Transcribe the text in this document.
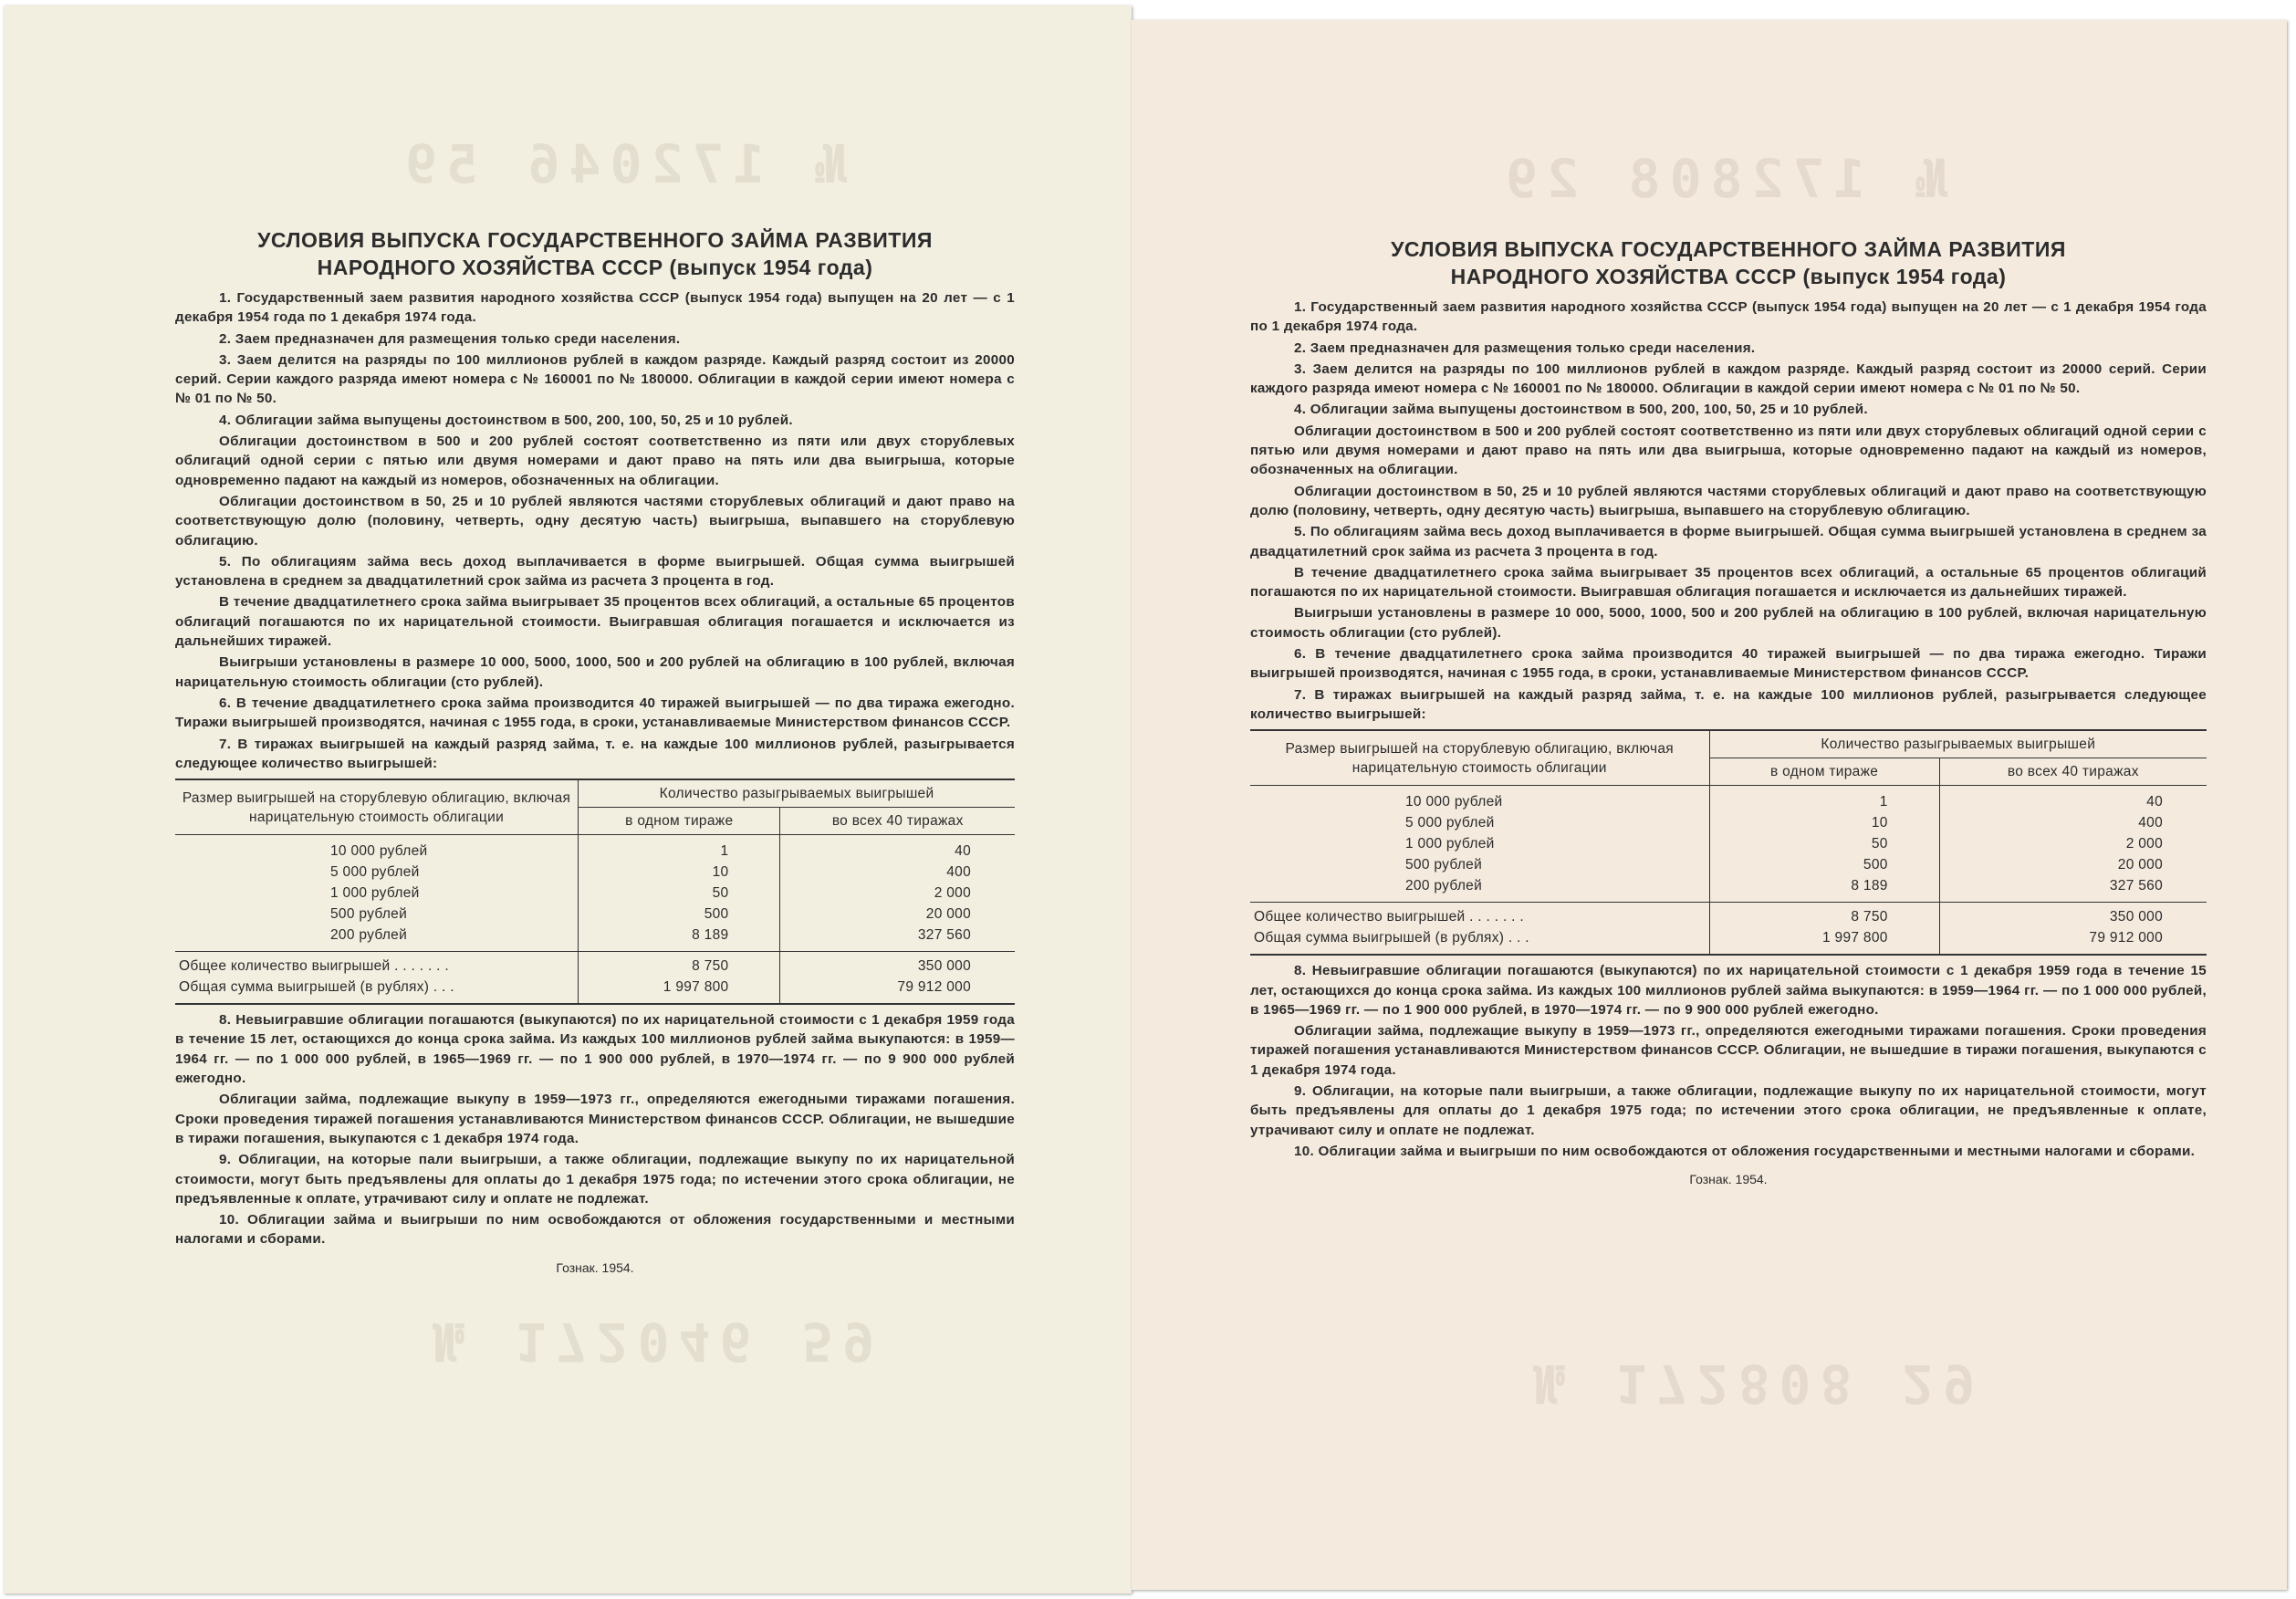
№ 172046 59
№ 172046 59
УСЛОВИЯ ВЫПУСКА ГОСУДАРСТВЕННОГО ЗАЙМА РАЗВИТИЯ
НАРОДНОГО ХОЗЯЙСТВА СССР (выпуск 1954 года)

1. Государственный заем развития народного хозяйства СССР (выпуск 1954 года) выпущен на 20 лет — с 1 декабря 1954 года по 1 декабря 1974 года.

2. Заем предназначен для размещения только среди населения.

3. Заем делится на разряды по 100 миллионов рублей в каждом разряде. Каждый разряд состоит из 20000 серий. Серии каждого разряда имеют номера с № 160001 по № 180000. Облигации в каждой серии имеют номера с № 01 по № 50.

4. Облигации займа выпущены достоинством в 500, 200, 100, 50, 25 и 10 рублей.

Облигации достоинством в 500 и 200 рублей состоят соответственно из пяти или двух сторублевых облигаций одной серии с пятью или двумя номерами и дают право на пять или два выигрыша, которые одновременно падают на каждый из номеров, обозначенных на облигации.

Облигации достоинством в 50, 25 и 10 рублей являются частями сторублевых облигаций и дают право на соответствующую долю (половину, четверть, одну десятую часть) выигрыша, выпавшего на сторублевую облигацию.

5. По облигациям займа весь доход выплачивается в форме выигрышей. Общая сумма выигрышей установлена в среднем за двадцатилетний срок займа из расчета 3 процента в год.

В течение двадцатилетнего срока займа выигрывает 35 процентов всех облигаций, а остальные 65 процентов облигаций погашаются по их нарицательной стоимости. Выигравшая облигация погашается и исключается из дальнейших тиражей.

Выигрыши установлены в размере 10 000, 5000, 1000, 500 и 200 рублей на облигацию в 100 рублей, включая нарицательную стоимость облигации (сто рублей).

6. В течение двадцатилетнего срока займа производится 40 тиражей выигрышей — по два тиража ежегодно. Тиражи выигрышей производятся, начиная с 1955 года, в сроки, устанавливаемые Министерством финансов СССР.

7. В тиражах выигрышей на каждый разряд займа, т. е. на каждые 100 миллионов рублей, разыгрывается следующее количество выигрышей:

Размер выигрышей на сторублевую облигацию, включая нарицательную стоимость облигации	Количество разыгрываемых выигрышей	
	в одном тираже	во всех 40 тиражах
10 000 рублей	1	40
5 000 рублей	10	400
1 000 рублей	50	2 000
500 рублей	500	20 000
200 рублей	8 189	327 560
Общее количество выигрышей . . . . . . .	8 750	350 000
Общая сумма выигрышей (в рублях) . . .	1 997 800	79 912 000

8. Невыигравшие облигации погашаются (выкупаются) по их нарицательной стоимости с 1 декабря 1959 года в течение 15 лет, остающихся до конца срока займа. Из каждых 100 миллионов рублей займа выкупаются: в 1959—1964 гг. — по 1 000 000 рублей, в 1965—1969 гг. — по 1 900 000 рублей, в 1970—1974 гг. — по 9 900 000 рублей ежегодно.

Облигации займа, подлежащие выкупу в 1959—1973 гг., определяются ежегодными тиражами погашения. Сроки проведения тиражей погашения устанавливаются Министерством финансов СССР. Облигации, не вышедшие в тиражи погашения, выкупаются с 1 декабря 1974 года.

9. Облигации, на которые пали выигрыши, а также облигации, подлежащие выкупу по их нарицательной стоимости, могут быть предъявлены для оплаты до 1 декабря 1975 года; по истечении этого срока облигации, не предъявленные к оплате, утрачивают силу и оплате не подлежат.

10. Облигации займа и выигрыши по ним освобождаются от обложения государственными и местными налогами и сборами.

Гознак. 1954.
№ 172808 29
№ 172808 29
УСЛОВИЯ ВЫПУСКА ГОСУДАРСТВЕННОГО ЗАЙМА РАЗВИТИЯ
НАРОДНОГО ХОЗЯЙСТВА СССР (выпуск 1954 года)

1. Государственный заем развития народного хозяйства СССР (выпуск 1954 года) выпущен на 20 лет — с 1 декабря 1954 года по 1 декабря 1974 года.

2. Заем предназначен для размещения только среди населения.

3. Заем делится на разряды по 100 миллионов рублей в каждом разряде. Каждый разряд состоит из 20000 серий. Серии каждого разряда имеют номера с № 160001 по № 180000. Облигации в каждой серии имеют номера с № 01 по № 50.

4. Облигации займа выпущены достоинством в 500, 200, 100, 50, 25 и 10 рублей.

Облигации достоинством в 500 и 200 рублей состоят соответственно из пяти или двух сторублевых облигаций одной серии с пятью или двумя номерами и дают право на пять или два выигрыша, которые одновременно падают на каждый из номеров, обозначенных на облигации.

Облигации достоинством в 50, 25 и 10 рублей являются частями сторублевых облигаций и дают право на соответствующую долю (половину, четверть, одну десятую часть) выигрыша, выпавшего на сторублевую облигацию.

5. По облигациям займа весь доход выплачивается в форме выигрышей. Общая сумма выигрышей установлена в среднем за двадцатилетний срок займа из расчета 3 процента в год.

В течение двадцатилетнего срока займа выигрывает 35 процентов всех облигаций, а остальные 65 процентов облигаций погашаются по их нарицательной стоимости. Выигравшая облигация погашается и исключается из дальнейших тиражей.

Выигрыши установлены в размере 10 000, 5000, 1000, 500 и 200 рублей на облигацию в 100 рублей, включая нарицательную стоимость облигации (сто рублей).

6. В течение двадцатилетнего срока займа производится 40 тиражей выигрышей — по два тиража ежегодно. Тиражи выигрышей производятся, начиная с 1955 года, в сроки, устанавливаемые Министерством финансов СССР.

7. В тиражах выигрышей на каждый разряд займа, т. е. на каждые 100 миллионов рублей, разыгрывается следующее количество выигрышей:

Размер выигрышей на сторублевую облигацию, включая нарицательную стоимость облигации	Количество разыгрываемых выигрышей	
	в одном тираже	во всех 40 тиражах
10 000 рублей	1	40
5 000 рублей	10	400
1 000 рублей	50	2 000
500 рублей	500	20 000
200 рублей	8 189	327 560
Общее количество выигрышей . . . . . . .	8 750	350 000
Общая сумма выигрышей (в рублях) . . .	1 997 800	79 912 000

8. Невыигравшие облигации погашаются (выкупаются) по их нарицательной стоимости с 1 декабря 1959 года в течение 15 лет, остающихся до конца срока займа. Из каждых 100 миллионов рублей займа выкупаются: в 1959—1964 гг. — по 1 000 000 рублей, в 1965—1969 гг. — по 1 900 000 рублей, в 1970—1974 гг. — по 9 900 000 рублей ежегодно.

Облигации займа, подлежащие выкупу в 1959—1973 гг., определяются ежегодными тиражами погашения. Сроки проведения тиражей погашения устанавливаются Министерством финансов СССР. Облигации, не вышедшие в тиражи погашения, выкупаются с 1 декабря 1974 года.

9. Облигации, на которые пали выигрыши, а также облигации, подлежащие выкупу по их нарицательной стоимости, могут быть предъявлены для оплаты до 1 декабря 1975 года; по истечении этого срока облигации, не предъявленные к оплате, утрачивают силу и оплате не подлежат.

10. Облигации займа и выигрыши по ним освобождаются от обложения государственными и местными налогами и сборами.

Гознак. 1954.
